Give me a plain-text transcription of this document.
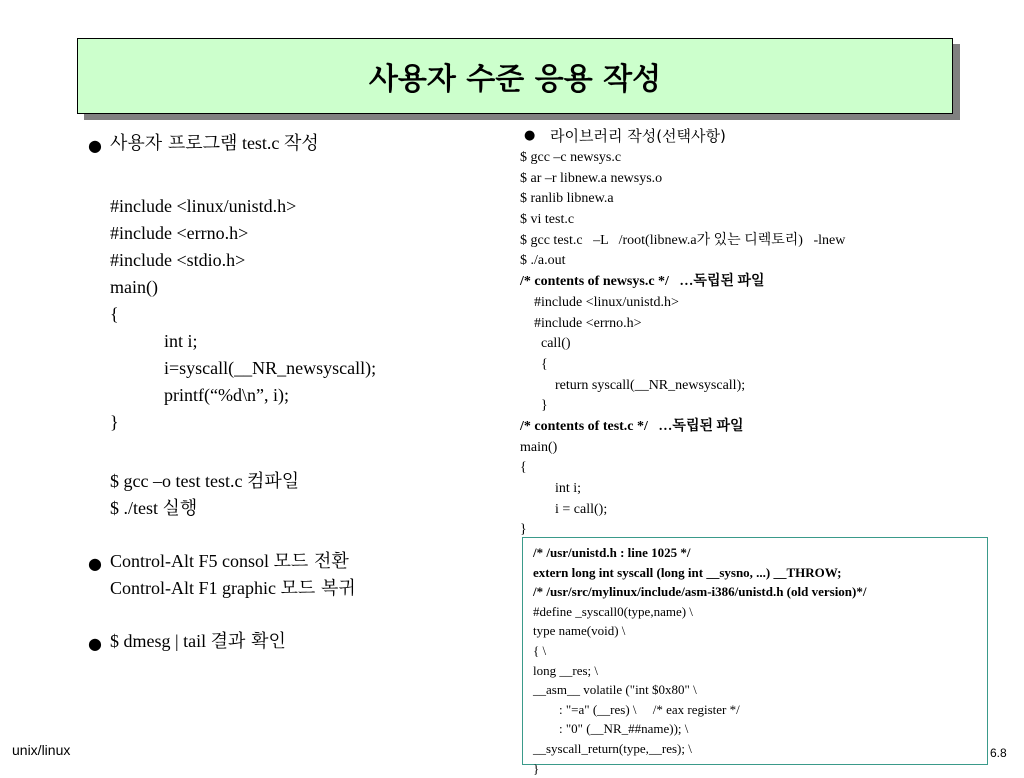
사용자 수준 응용 작성
● 사용자 프로그램 test.c 작성
#include <linux/unistd.h>
#include <errno.h>
#include <stdio.h>
main()
{
int i;
i=syscall(__NR_newsyscall);
printf(“%d\n”, i);
}
$ gcc –o test test.c 컴파일
$ ./test 실행
● Control-Alt F5 consol 모드 전환
Control-Alt F1 graphic 모드 복귀
● $ dmesg | tail 결과 확인
● 라이브러리 작성(선택사항)
$ gcc –c newsys.c
$ ar –r libnew.a newsys.o
$ ranlib libnew.a
$ vi test.c
$ gcc test.c   –L   /root(libnew.a가 있는 디렉토리)   -lnew
$ ./a.out
/* contents of newsys.c */   …독립된 파일
#include <linux/unistd.h>
#include <errno.h>
call()
{
return syscall(__NR_newsyscall);
}
/* contents of test.c */   …독립된 파일
main()
{
int i;
i = call();
}
/* /usr/unistd.h : line 1025 */
extern long int syscall (long int __sysno, ...) __THROW;
/* /usr/src/mylinux/include/asm-i386/unistd.h (old version)*/
#define _syscall0(type,name) \
type name(void) \
{ \
long __res; \
__asm__ volatile ("int $0x80" \
: "=a" (__res) \     /* eax register */
: "0" (__NR_##name)); \
__syscall_return(type,__res); \
}
unix/linux	6.8
